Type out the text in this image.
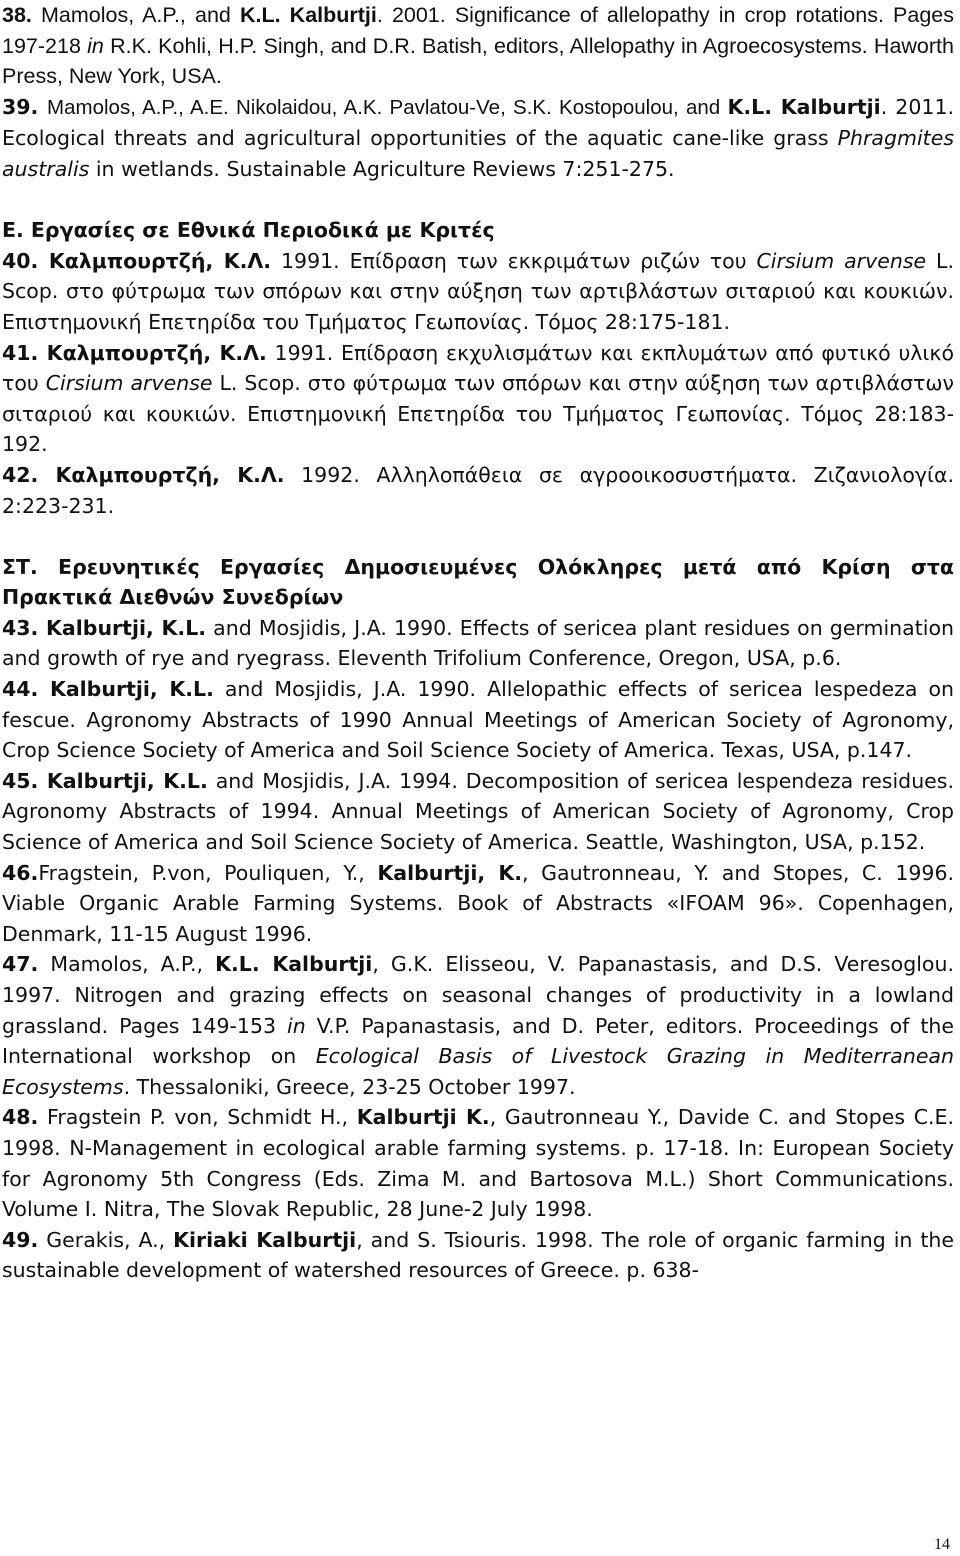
38. Mamolos, A.P., and K.L. Kalburtji. 2001. Significance of allelopathy in crop rotations. Pages 197-218 in R.K. Kohli, H.P. Singh, and D.R. Batish, editors, Allelopathy in Agroecosystems. Haworth Press, New York, USA.

39. Mamolos, A.P., A.E. Nikolaidou, A.K. Pavlatou-Ve, S.K. Kostopoulou, and K.L. Kalburtji. 2011. Ecological threats and agricultural opportunities of the aquatic cane-like grass Phragmites australis in wetlands. Sustainable Agriculture Reviews 7:251-275.

Ε. Εργασίες σε Εθνικά Περιοδικά με Κριτές

40. Καλμπουρτζή, Κ.Λ. 1991. Επίδραση των εκκριμάτων ριζών του Cirsium arvense L. Scop. στο φύτρωμα των σπόρων και στην αύξηση των αρτιβλάστων σιταριού και κουκιών. Επιστημονική Επετηρίδα του Τμήματος Γεωπονίας. Τόμος 28:175-181.

41. Καλμπουρτζή, Κ.Λ. 1991. Επίδραση εκχυλισμάτων και εκπλυμάτων από φυτικό υλικό του Cirsium arvense L. Scop. στο φύτρωμα των σπόρων και στην αύξηση των αρτιβλάστων σιταριού και κουκιών. Επιστημονική Επετηρίδα του Τμήματος Γεωπονίας. Τόμος 28:183-192.

42. Καλμπουρτζή, Κ.Λ. 1992. Αλληλοπάθεια σε αγροοικοσυστήματα. Ζιζανιολογία. 2:223-231.

ΣΤ. Ερευνητικές Εργασίες Δημοσιευμένες Ολόκληρες μετά από Κρίση στα Πρακτικά Διεθνών Συνεδρίων

43. Kalburtji, K.L. and Mosjidis, J.A. 1990. Effects of sericea plant residues on germination and growth of rye and ryegrass. Eleventh Trifolium Conference, Oregon, USA, p.6.

44. Kalburtji, K.L. and Mosjidis, J.A. 1990. Allelopathic effects of sericea lespedeza on fescue. Agronomy Abstracts of 1990 Annual Meetings of American Society of Agronomy, Crop Science Society of America and Soil Science Society of America. Texas, USA, p.147.

45. Kalburtji, K.L. and Mosjidis, J.A. 1994. Decomposition of sericea lespendeza residues. Agronomy Abstracts of 1994. Annual Meetings of American Society of Agronomy, Crop Science of America and Soil Science Society of America. Seattle, Washington, USA, p.152.

46.Fragstein, P.von, Pouliquen, Y., Kalburtji, K., Gautronneau, Y. and Stopes, C. 1996. Viable Organic Arable Farming Systems. Book of Abstracts «IFOAM 96». Copenhagen, Denmark, 11-15 August 1996.

47. Mamolos, A.P., K.L. Kalburtji, G.K. Elisseou, V. Papanastasis, and D.S. Veresoglou. 1997. Nitrogen and grazing effects on seasonal changes of productivity in a lowland grassland. Pages 149-153 in V.P. Papanastasis, and D. Peter, editors. Proceedings of the International workshop on Ecological Basis of Livestock Grazing in Mediterranean Ecosystems. Thessaloniki, Greece, 23-25 October 1997.

48. Fragstein P. von, Schmidt H., Kalburtji K., Gautronneau Y., Davide C. and Stopes C.E. 1998. N-Management in ecological arable farming systems. p. 17-18. In: European Society for Agronomy 5th Congress (Eds. Zima M. and Bartosova M.L.) Short Communications. Volume I. Nitra, The Slovak Republic, 28 June-2 July 1998.

49. Gerakis, A., Kiriaki Kalburtji, and S. Tsiouris. 1998. The role of organic farming in the sustainable development of watershed resources of Greece. p. 638-

14
